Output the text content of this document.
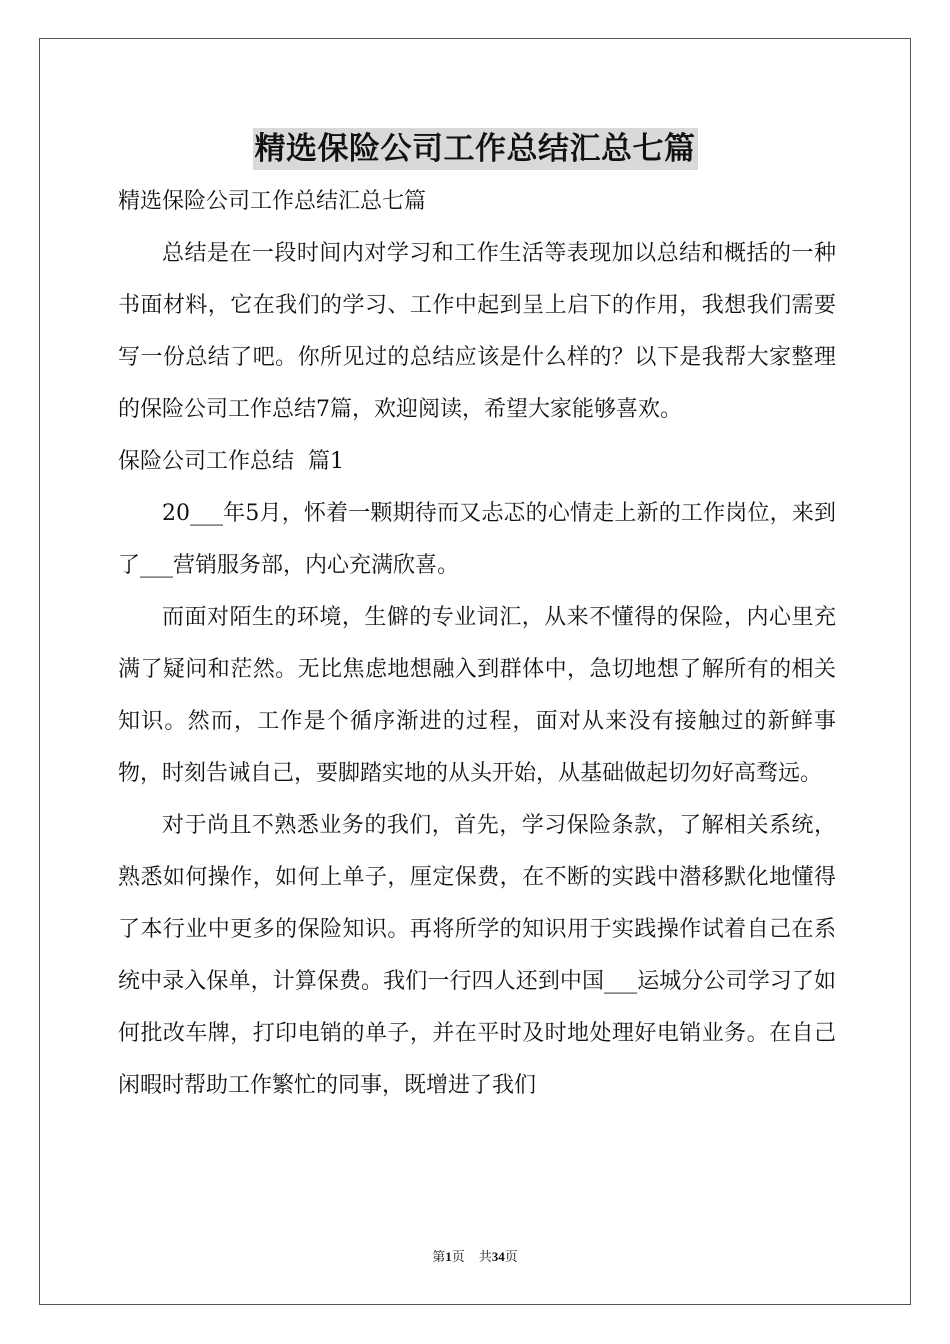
精选保险公司工作总结汇总七篇

精选保险公司工作总结汇总七篇

总结是在一段时间内对学习和工作生活等表现加以总结和概括的一种书面材料，它在我们的学习、工作中起到呈上启下的作用，我想我们需要写一份总结了吧。你所见过的总结应该是什么样的？以下是我帮大家整理的保险公司工作总结7篇，欢迎阅读，希望大家能够喜欢。

保险公司工作总结  篇1

20___年5月，怀着一颗期待而又忐忑的心情走上新的工作岗位，来到了___营销服务部，内心充满欣喜。

而面对陌生的环境，生僻的专业词汇，从来不懂得的保险，内心里充满了疑问和茫然。无比焦虑地想融入到群体中，急切地想了解所有的相关知识。然而，工作是个循序渐进的过程，面对从来没有接触过的新鲜事物，时刻告诫自己，要脚踏实地的从头开始，从基础做起切勿好高骛远。

对于尚且不熟悉业务的我们，首先，学习保险条款，了解相关系统，熟悉如何操作，如何上单子，厘定保费，在不断的实践中潜移默化地懂得了本行业中更多的保险知识。再将所学的知识用于实践操作试着自己在系统中录入保单，计算保费。我们一行四人还到中国___运城分公司学习了如何批改车牌，打印电销的单子，并在平时及时地处理好电销业务。在自己闲暇时帮助工作繁忙的同事，既增进了我们

第1页 共34页
